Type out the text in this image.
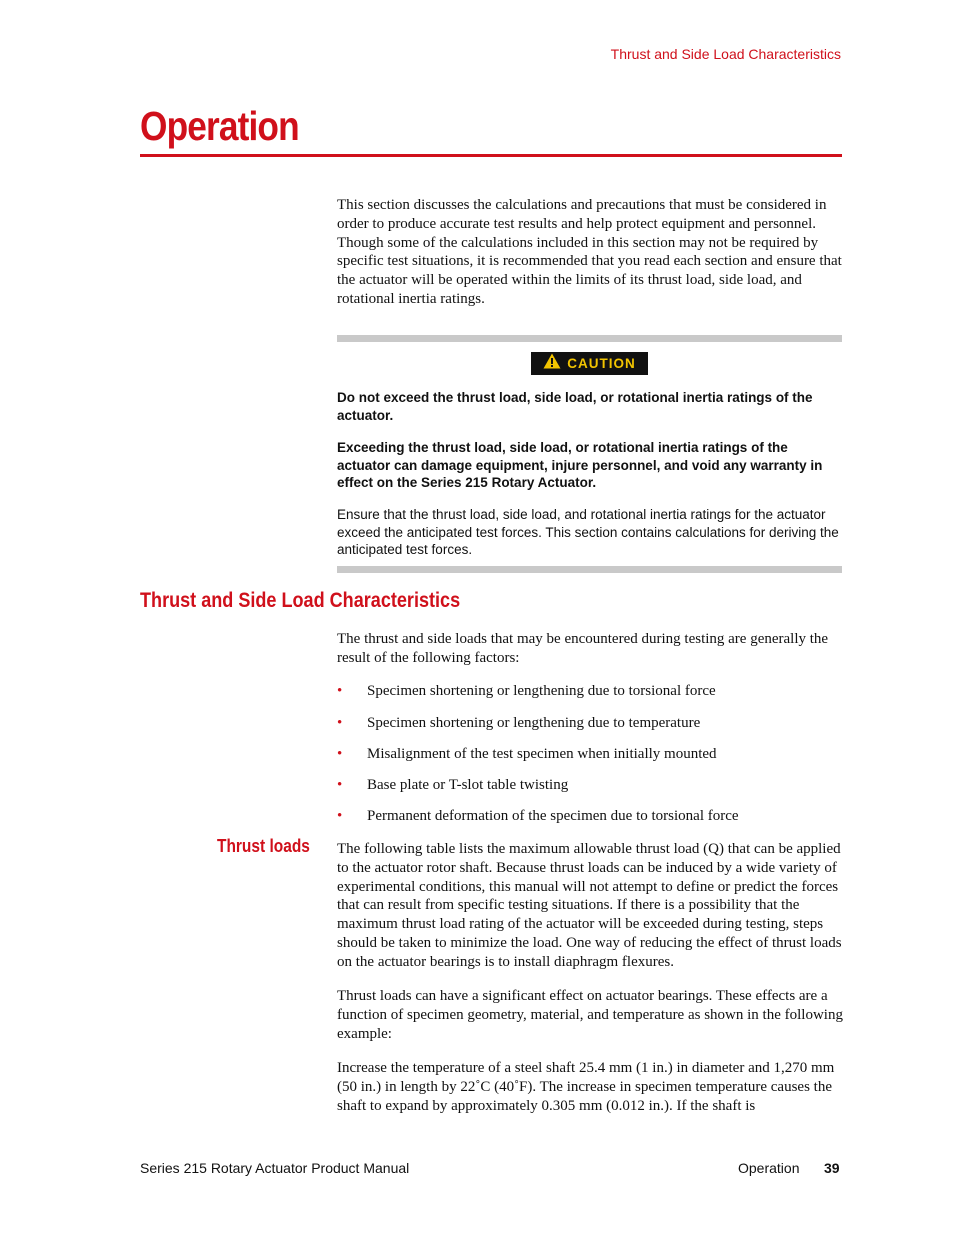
Thrust and Side Load Characteristics
Operation

This section discusses the calculations and precautions that must be considered in order to produce accurate test results and help protect equipment and personnel. Though some of the calculations included in this section may not be required by specific test situations, it is recommended that you read each section and ensure that the actuator will be operated within the limits of its thrust load, side load, and rotational inertia ratings.

CAUTION

Do not exceed the thrust load, side load, or rotational inertia ratings of the actuator.

Exceeding the thrust load, side load, or rotational inertia ratings of the actuator can damage equipment, injure personnel, and void any warranty in effect on the Series 215 Rotary Actuator.

Ensure that the thrust load, side load, and rotational inertia ratings for the actuator exceed the anticipated test forces. This section contains calculations for deriving the anticipated test forces.

Thrust and Side Load Characteristics

The thrust and side loads that may be encountered during testing are generally the result of the following factors:

•	Specimen shortening or lengthening due to torsional force
•	Specimen shortening or lengthening due to temperature
•	Misalignment of the test specimen when initially mounted
•	Base plate or T-slot table twisting
•	Permanent deformation of the specimen due to torsional force
Thrust loads The following table lists the maximum allowable thrust load (Q) that can be applied to the actuator rotor shaft. Because thrust loads can be induced by a wide variety of experimental conditions, this manual will not attempt to define or predict the forces that can result from specific testing situations. If there is a possibility that the maximum thrust load rating of the actuator will be exceeded during testing, steps should be taken to minimize the load. One way of reducing the effect of thrust loads on the actuator bearings is to install diaphragm flexures.

Thrust loads can have a significant effect on actuator bearings. These effects are a function of specimen geometry, material, and temperature as shown in the following example:

Increase the temperature of a steel shaft 25.4 mm (1 in.) in diameter and 1,270 mm (50 in.) in length by 22˚C (40˚F). The increase in specimen temperature causes the shaft to expand by approximately 0.305 mm (0.012 in.). If the shaft is

Series 215 Rotary Actuator Product Manual	Operation 39
